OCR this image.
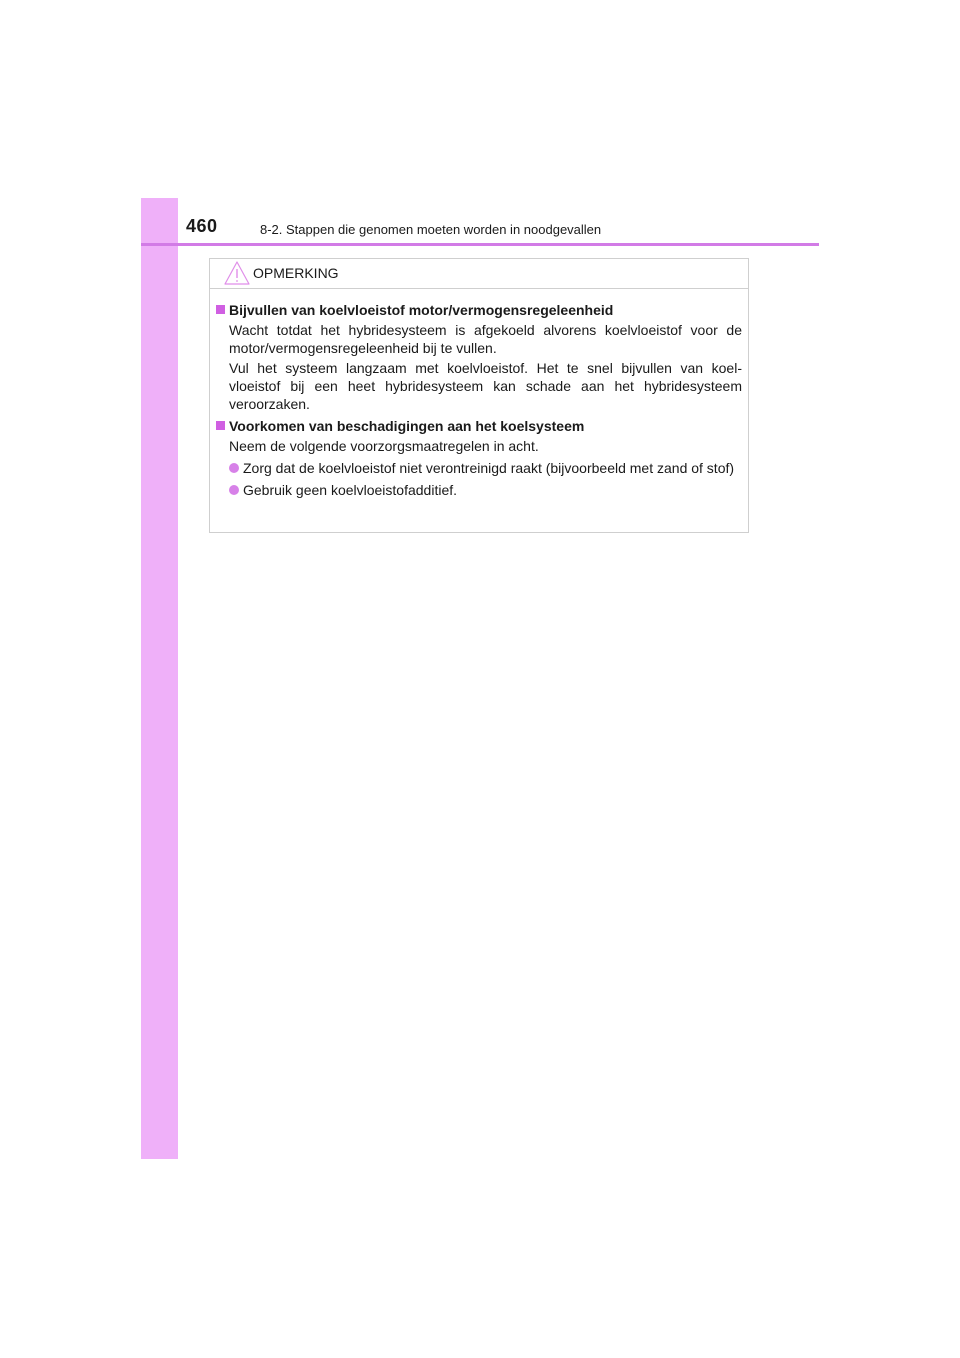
460	8-2. Stappen die genomen moeten worden in noodgevallen
OPMERKING
Bijvullen van koelvloeistof motor/vermogensregeleenheid
Wacht totdat het hybridesysteem is afgekoeld alvorens koelvloeistof voor de motor/vermogensregeleenheid bij te vullen.
Vul het systeem langzaam met koelvloeistof. Het te snel bijvullen van koel-vloeistof bij een heet hybridesysteem kan schade aan het hybridesysteem veroorzaken.
Voorkomen van beschadigingen aan het koelsysteem
Neem de volgende voorzorgsmaatregelen in acht.
Zorg dat de koelvloeistof niet verontreinigd raakt (bijvoorbeeld met zand of stof)
Gebruik geen koelvloeistofadditief.
